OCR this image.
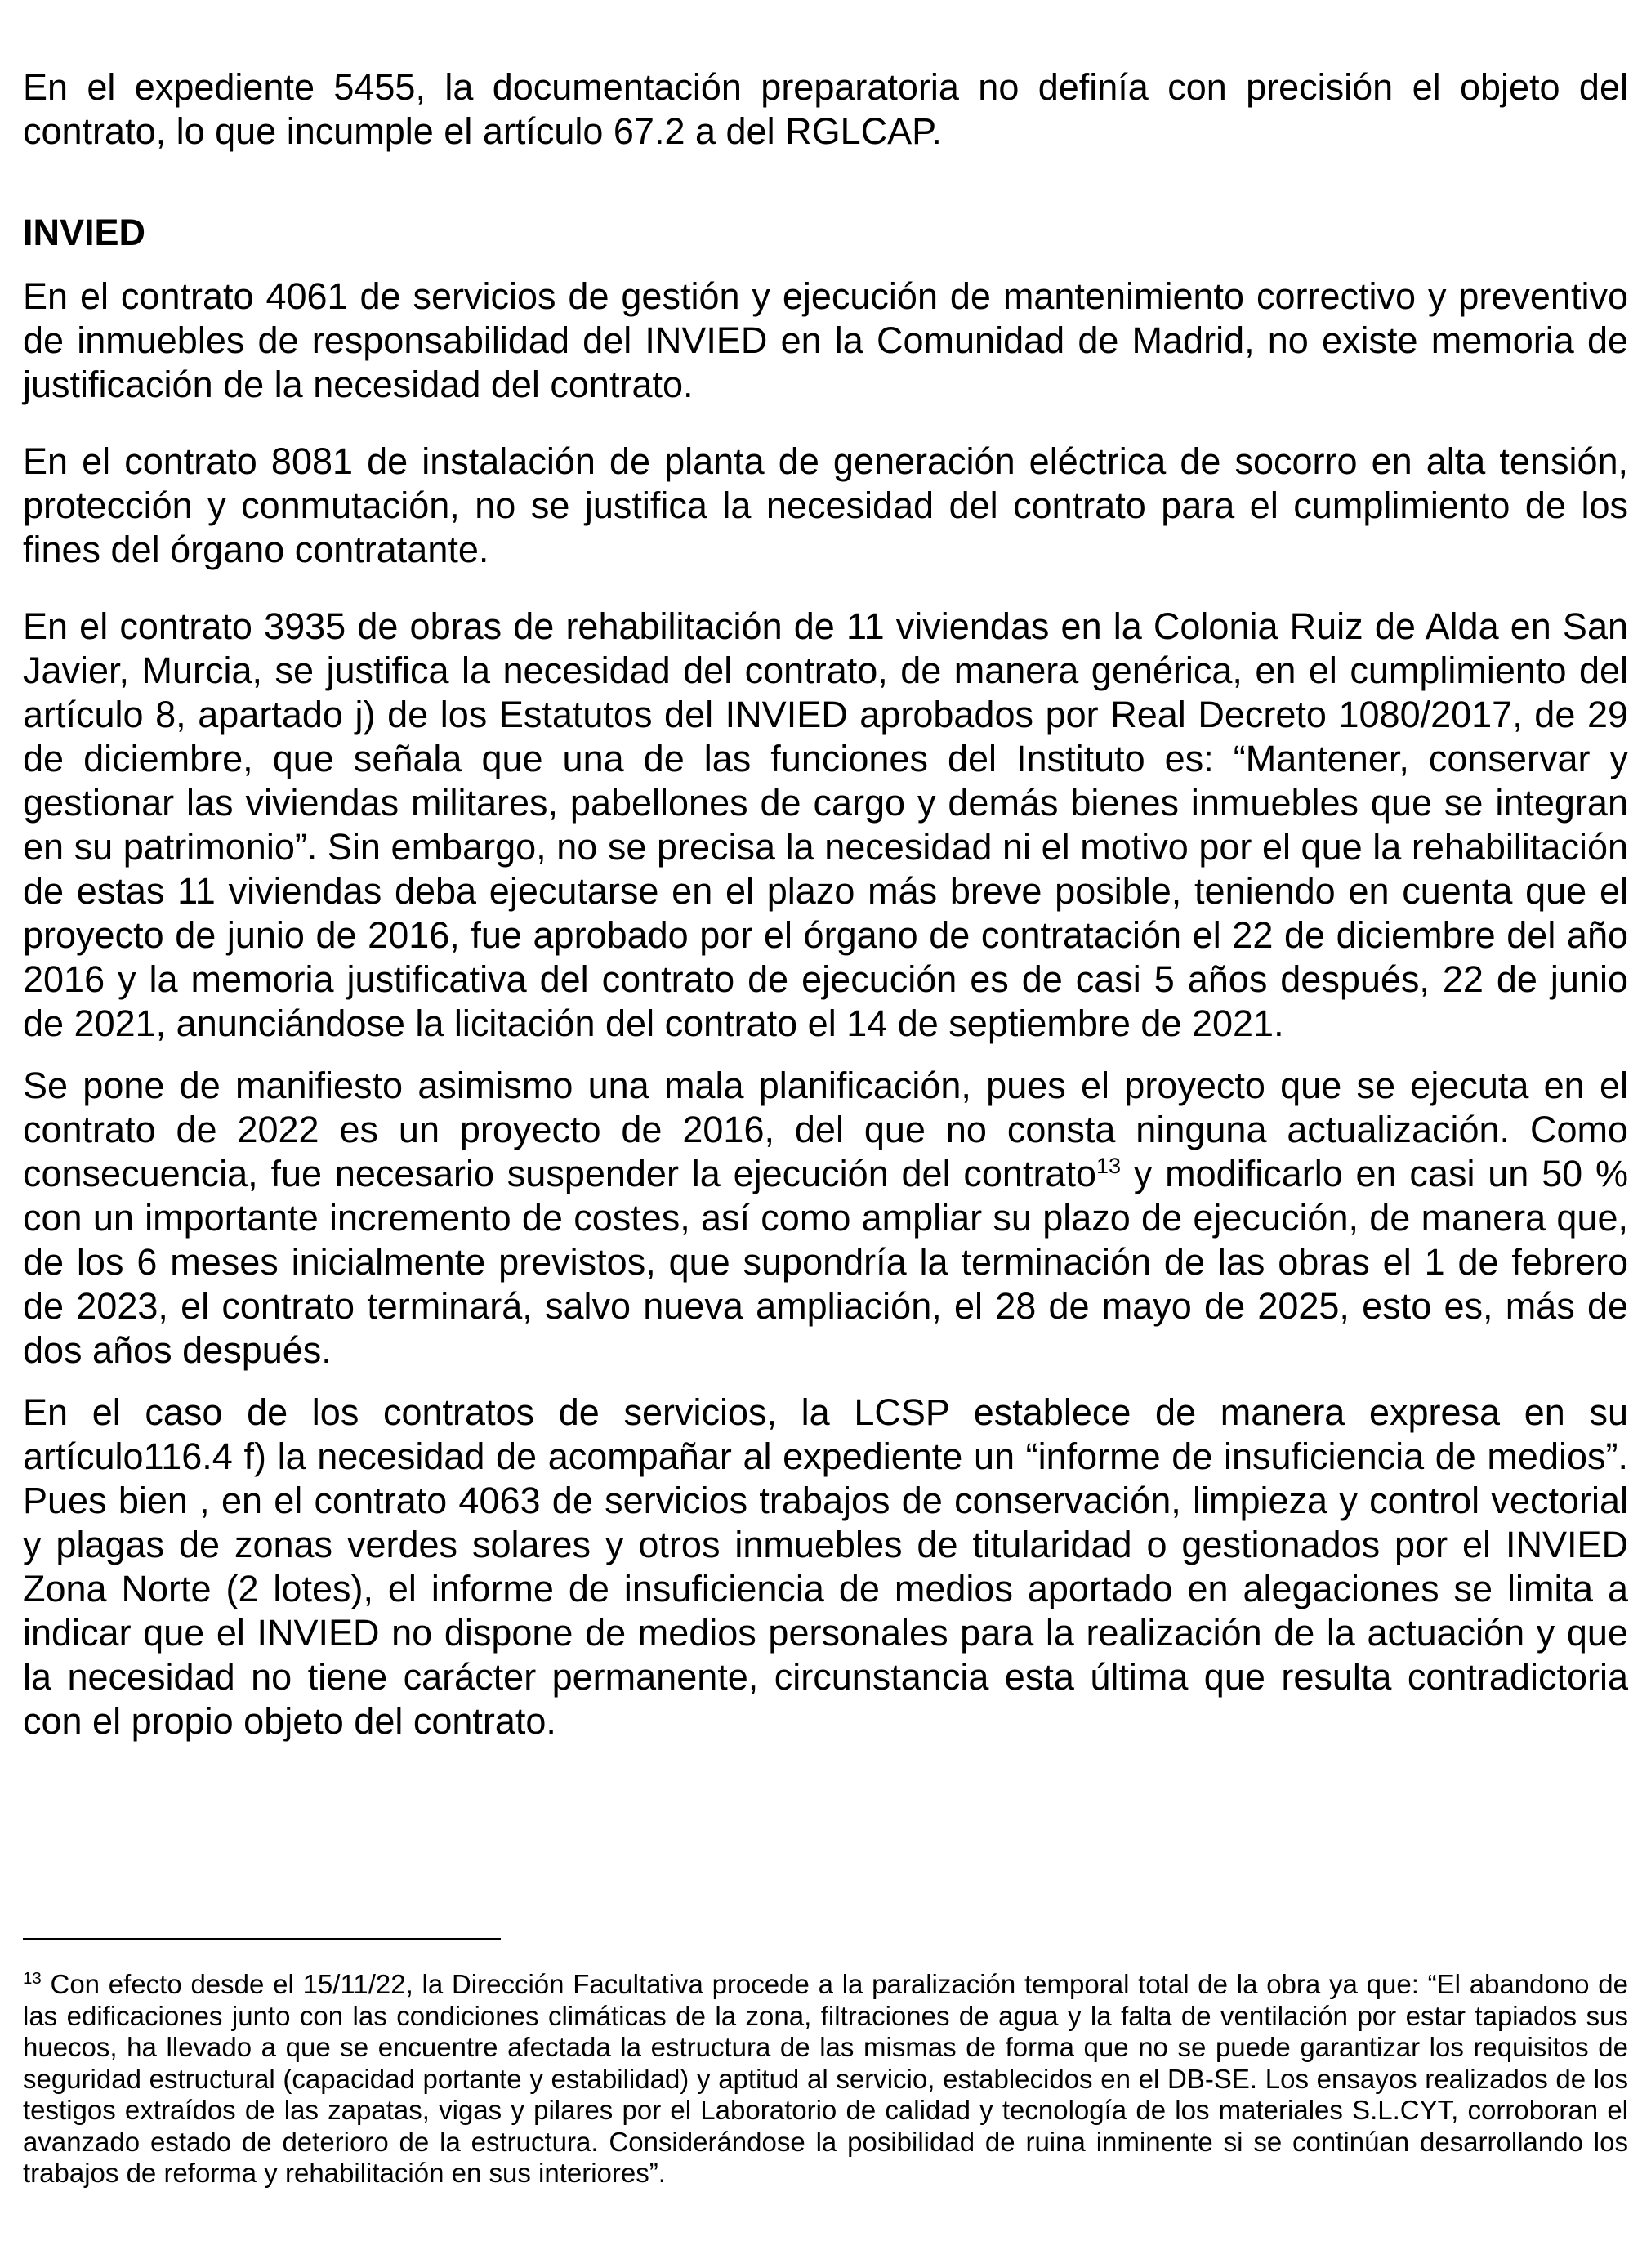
En el expediente 5455, la documentación preparatoria no definía con precisión el objeto del contrato, lo que incumple el artículo 67.2 a del RGLCAP.

INVIED

En el contrato 4061 de servicios de gestión y ejecución de mantenimiento correctivo y preventivo de inmuebles de responsabilidad del INVIED en la Comunidad de Madrid, no existe memoria de justificación de la necesidad del contrato.

En el contrato 8081 de instalación de planta de generación eléctrica de socorro en alta tensión, protección y conmutación, no se justifica la necesidad del contrato para el cumplimiento de los fines del órgano contratante.

En el contrato 3935 de obras de rehabilitación de 11 viviendas en la Colonia Ruiz de Alda en San Javier, Murcia, se justifica la necesidad del contrato, de manera genérica, en el cumplimiento del artículo 8, apartado j) de los Estatutos del INVIED aprobados por Real Decreto 1080/2017, de 29 de diciembre, que señala que una de las funciones del Instituto es: “Mantener, conservar y gestionar las viviendas militares, pabellones de cargo y demás bienes inmuebles que se integran en su patrimonio”. Sin embargo, no se precisa la necesidad ni el motivo por el que la rehabilitación de estas 11 viviendas deba ejecutarse en el plazo más breve posible, teniendo en cuenta que el proyecto de junio de 2016, fue aprobado por el órgano de contratación el 22 de diciembre del año 2016 y la memoria justificativa del contrato de ejecución es de casi 5 años después, 22 de junio de 2021, anunciándose la licitación del contrato el 14 de septiembre de 2021.

Se pone de manifiesto asimismo una mala planificación, pues el proyecto que se ejecuta en el contrato de 2022 es un proyecto de 2016, del que no consta ninguna actualización. Como consecuencia, fue necesario suspender la ejecución del contrato$^{13}$ y modificarlo en casi un 50 % con un importante incremento de costes, así como ampliar su plazo de ejecución, de manera que, de los 6 meses inicialmente previstos, que supondría la terminación de las obras el 1 de febrero de 2023, el contrato terminará, salvo nueva ampliación, el 28 de mayo de 2025, esto es, más de dos años después.

En el caso de los contratos de servicios, la LCSP establece de manera expresa en su artículo116.4 f) la necesidad de acompañar al expediente un “informe de insuficiencia de medios”. Pues bien , en el contrato 4063 de servicios trabajos de conservación, limpieza y control vectorial y plagas de zonas verdes solares y otros inmuebles de titularidad o gestionados por el INVIED Zona Norte (2 lotes), el informe de insuficiencia de medios aportado en alegaciones se limita a indicar que el INVIED no dispone de medios personales para la realización de la actuación y que la necesidad no tiene carácter permanente, circunstancia esta última que resulta contradictoria con el propio objeto del contrato.

$^{13}$ Con efecto desde el 15/11/22, la Dirección Facultativa procede a la paralización temporal total de la obra ya que: “El abandono de las edificaciones junto con las condiciones climáticas de la zona, filtraciones de agua y la falta de ventilación por estar tapiados sus huecos, ha llevado a que se encuentre afectada la estructura de las mismas de forma que no se puede garantizar los requisitos de seguridad estructural (capacidad portante y estabilidad) y aptitud al servicio, establecidos en el DB-SE. Los ensayos realizados de los testigos extraídos de las zapatas, vigas y pilares por el Laboratorio de calidad y tecnología de los materiales S.L.CYT, corroboran el avanzado estado de deterioro de la estructura. Considerándose la posibilidad de ruina inminente si se continúan desarrollando los trabajos de reforma y rehabilitación en sus interiores”.
